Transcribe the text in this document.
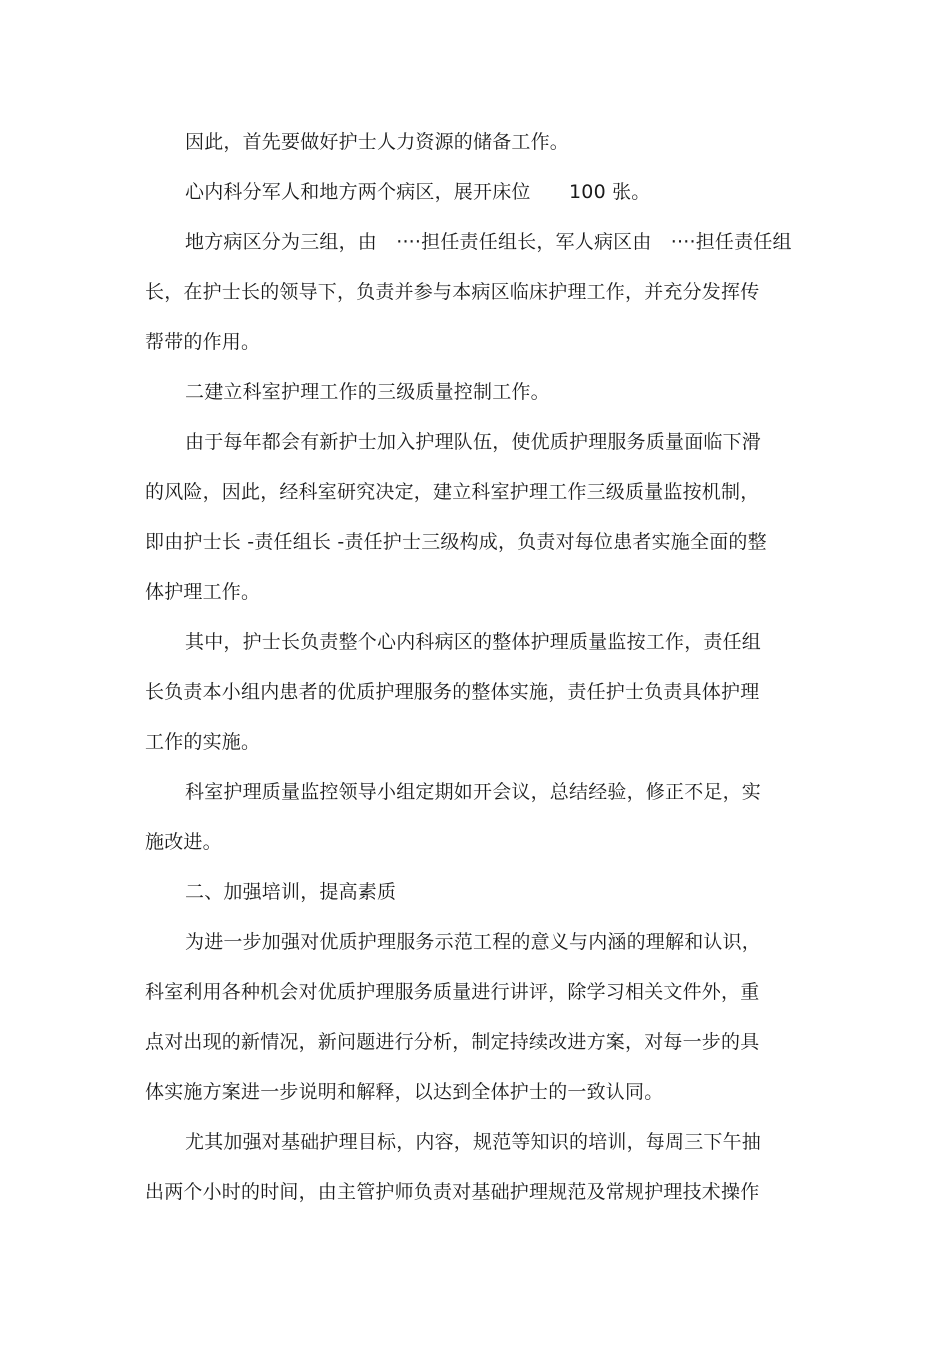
因此，首先要做好护士人力资源的储备工作。
心内科分军人和地方两个病区，展开床位　　100 张。
地方病区分为三组，由　····担任责任组长，军人病区由　····担任责任组
长，在护士长的领导下，负责并参与本病区临床护理工作，并充分发挥传
帮带的作用。
二建立科室护理工作的三级质量控制工作。
由于每年都会有新护士加入护理队伍，使优质护理服务质量面临下滑
的风险，因此，经科室研究决定，建立科室护理工作三级质量监按机制，
即由护士长 -责任组长 -责任护士三级构成，负责对每位患者实施全面的整
体护理工作。
其中，护士长负责整个心内科病区的整体护理质量监按工作，责任组
长负责本小组内患者的优质护理服务的整体实施，责任护士负责具体护理
工作的实施。
科室护理质量监控领导小组定期如开会议，总结经验，修正不足，实
施改进。
二、加强培训，提高素质
为进一步加强对优质护理服务示范工程的意义与内涵的理解和认识，
科室利用各种机会对优质护理服务质量进行讲评，除学习相关文件外，重
点对出现的新情况，新问题进行分析，制定持续改进方案，对每一步的具
体实施方案进一步说明和解释，以达到全体护士的一致认同。
尤其加强对基础护理目标，内容，规范等知识的培训，每周三下午抽
出两个小时的时间，由主管护师负责对基础护理规范及常规护理技术操作
